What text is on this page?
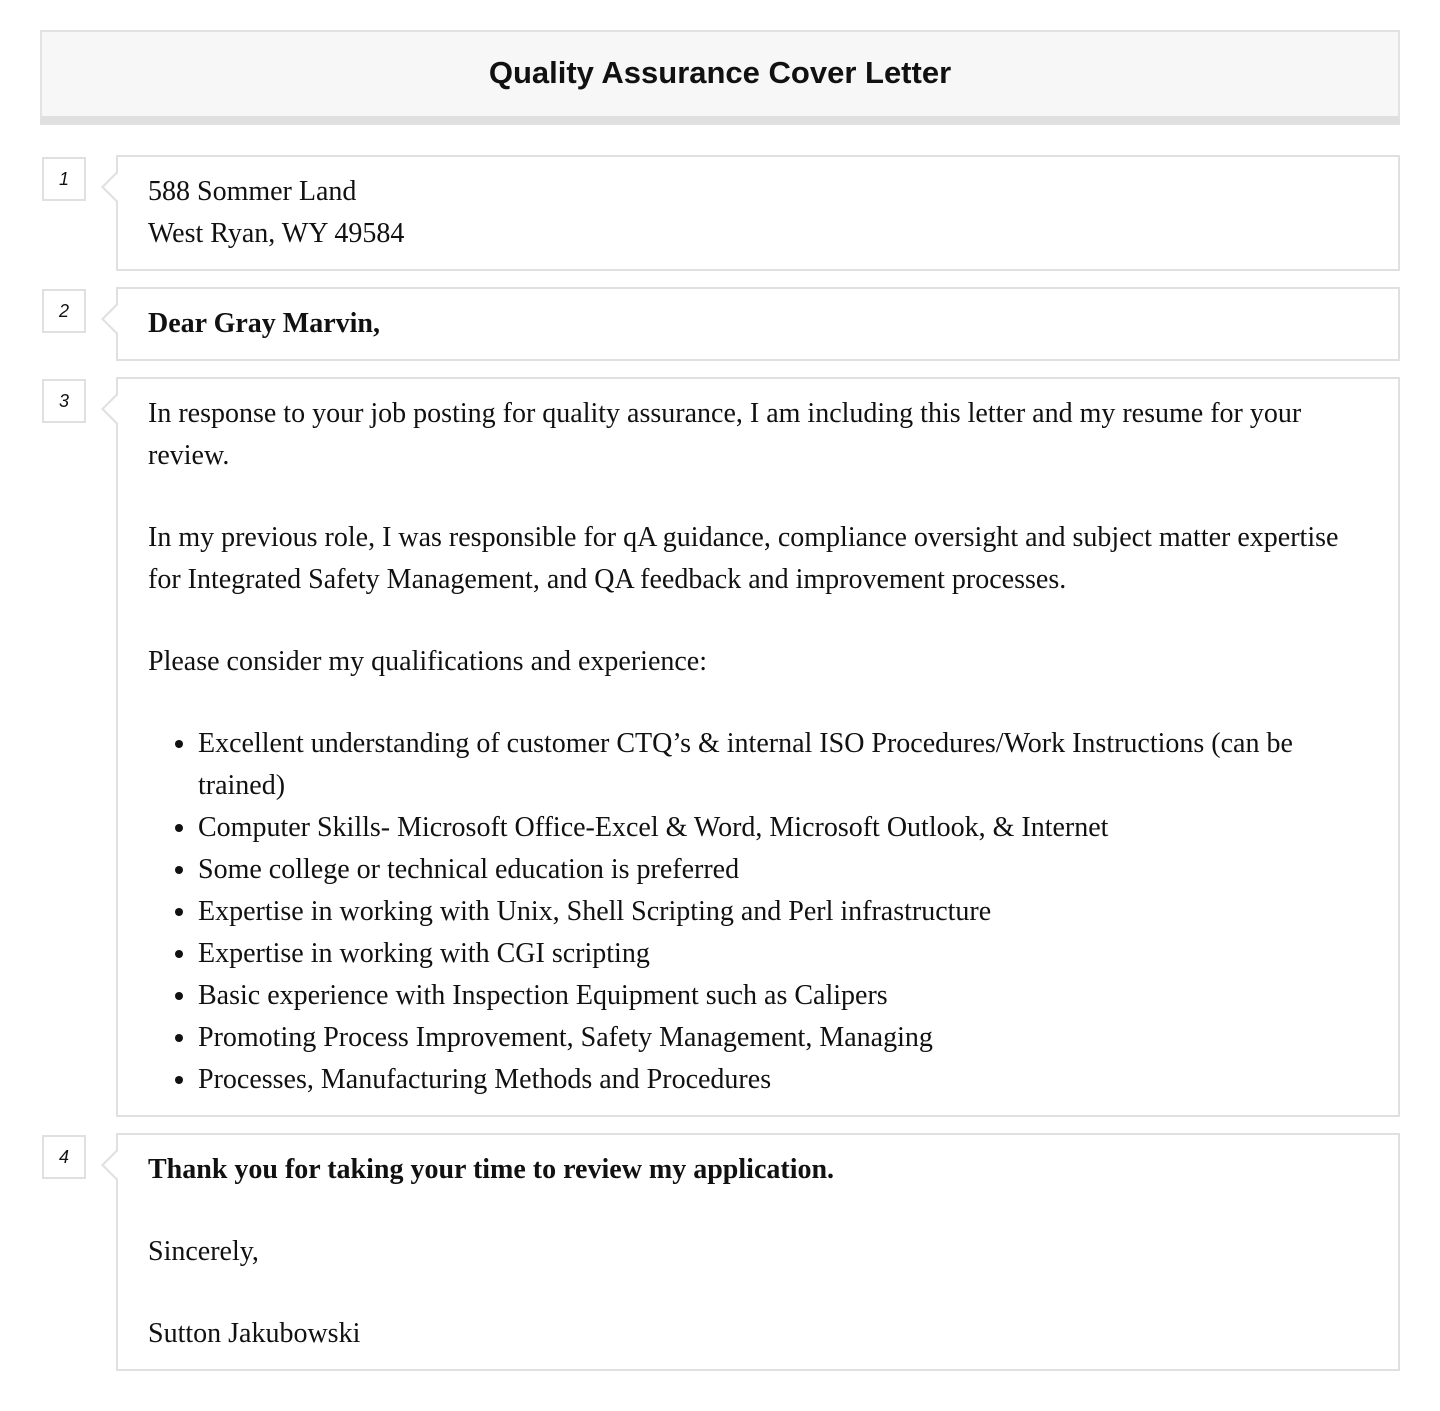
Quality Assurance Cover Letter
1	588 Sommer Land
West Ryan, WY 49584
2	Dear Gray Marvin,
3	In response to your job posting for quality assurance, I am including this letter and my resume for your review.

In my previous role, I was responsible for qA guidance, compliance oversight and subject matter expertise for Integrated Safety Management, and QA feedback and improvement processes.

Please consider my qualifications and experience:

• Excellent understanding of customer CTQ’s & internal ISO Procedures/Work Instructions (can be trained)
• Computer Skills- Microsoft Office-Excel & Word, Microsoft Outlook, & Internet
• Some college or technical education is preferred
• Expertise in working with Unix, Shell Scripting and Perl infrastructure
• Expertise in working with CGI scripting
• Basic experience with Inspection Equipment such as Calipers
• Promoting Process Improvement, Safety Management, Managing
• Processes, Manufacturing Methods and Procedures
4	Thank you for taking your time to review my application.

Sincerely,

Sutton Jakubowski
